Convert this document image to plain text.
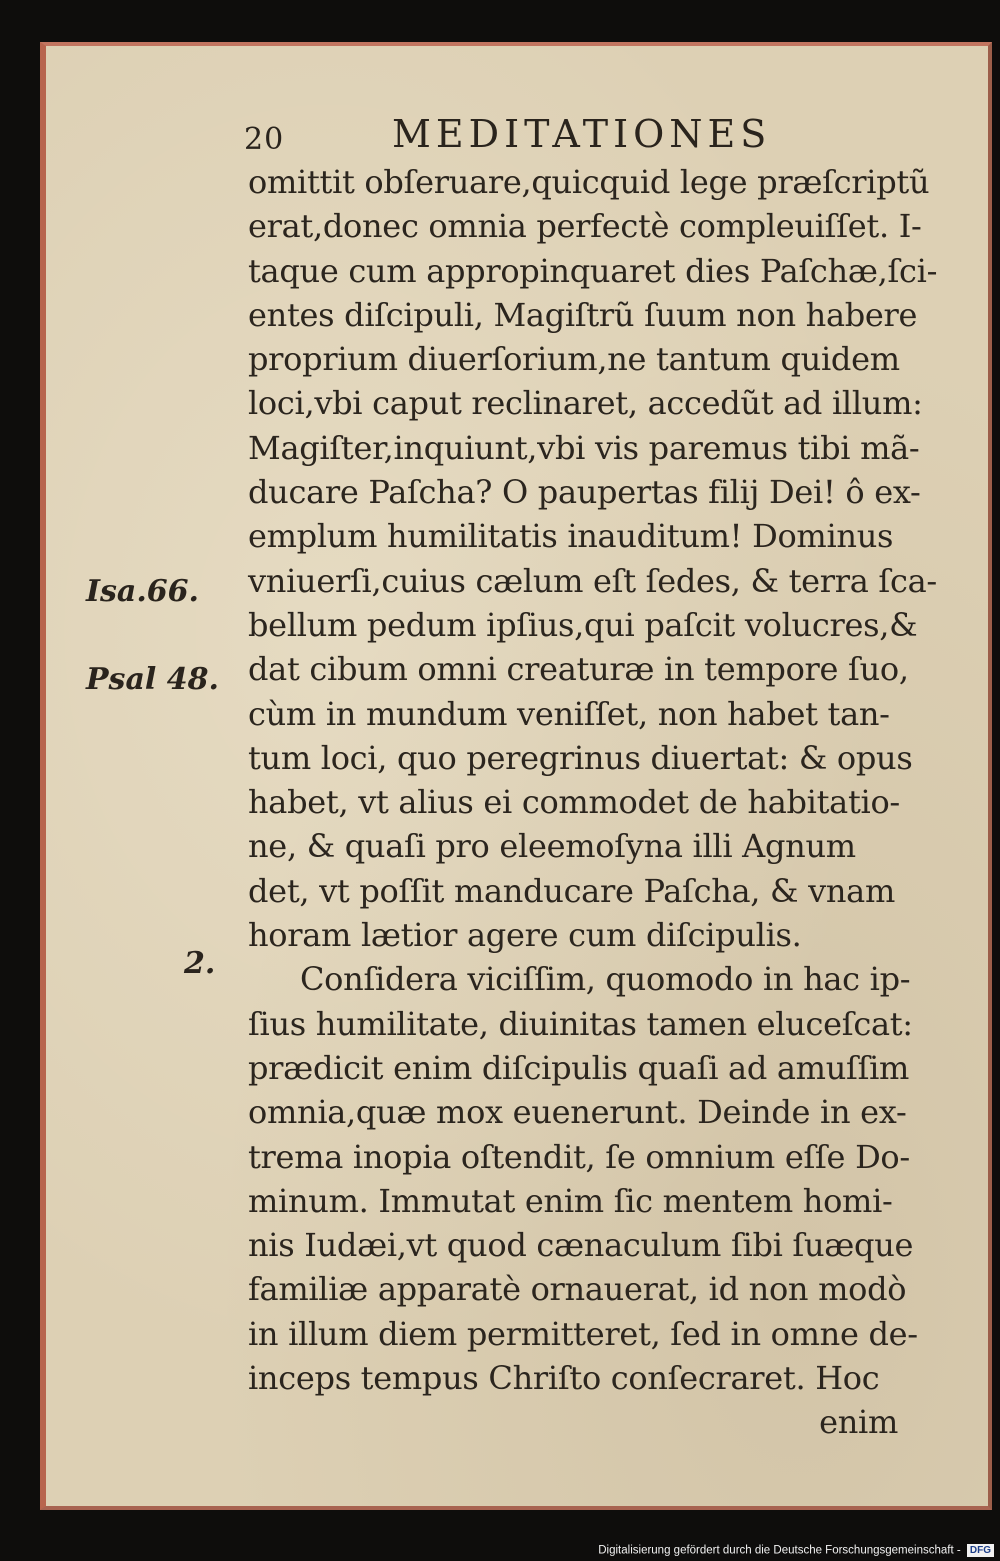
20	MEDITATIONES
omittit obſeruare,quicquid lege præſcriptũ
erat,donec omnia perfectè compleuiſſet. I-
taque cum appropinquaret dies Paſchæ,ſci-
entes diſcipuli, Magiſtrũ ſuum non habere
proprium diuerſorium,ne tantum quidem
loci,vbi caput reclinaret, accedũt ad illum:
Magiſter,inquiunt,vbi vis paremus tibi mã-
ducare Paſcha? O paupertas filij Dei! ô ex-
emplum humilitatis inauditum! Dominus
vniuerſi,cuius cælum eſt ſedes, & terra ſca-
bellum pedum ipſius,qui paſcit volucres,&
dat cibum omni creaturæ in tempore ſuo,
cùm in mundum veniſſet, non habet tan-
tum loci, quo peregrinus diuertat: & opus
habet, vt alius ei commodet de habitatio-
ne, & quaſi pro eleemoſyna illi Agnum
det, vt poſſit manducare Paſcha, & vnam
horam lætior agere cum diſcipulis.
Conſidera viciſſim, quomodo in hac ip-
ſius humilitate, diuinitas tamen eluceſcat:
prædicit enim diſcipulis quaſi ad amuſſim
omnia,quæ mox euenerunt. Deinde in ex-
trema inopia oſtendit, ſe omnium eſſe Do-
minum. Immutat enim ſic mentem homi-
nis Iudæi,vt quod cænaculum ſibi ſuæque
familiæ apparatè ornauerat, id non modò
in illum diem permitteret, ſed in omne de-
inceps tempus Chriſto conſecraret. Hoc
enim
Isa.66.
Psal 48.
2.
Digitalisierung gefördert durch die Deutsche Forschungsgemeinschaft - DFG
